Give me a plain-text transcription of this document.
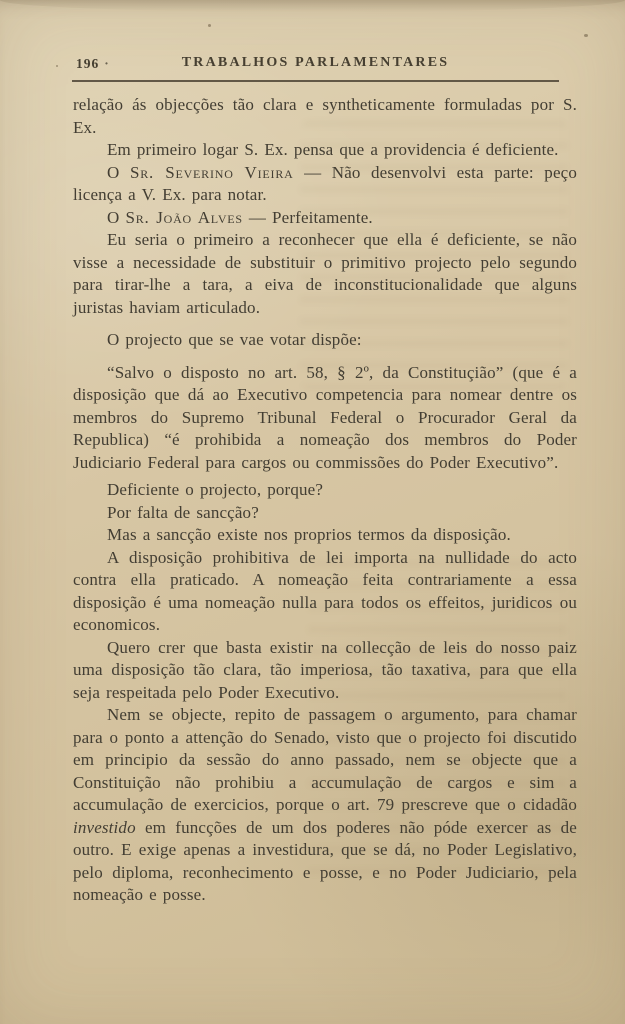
196 ·	TRABALHOS PARLAMENTARES

relação ás objecções tão clara e syntheticamente formuladas por S. Ex.

Em primeiro logar S. Ex. pensa que a providencia é deficiente.

O Sr. Severino Vieira — Não desenvolvi esta parte: peço licença a V. Ex. para notar.

O Sr. João Alves — Perfeitamente.

Eu seria o primeiro a reconhecer que ella é deficiente, se não visse a necessidade de substituir o primitivo projecto pelo segundo para tirar-lhe a tara, a eiva de inconstitucionalidade que alguns juristas haviam articulado.

O projecto que se vae votar dispõe:

“Salvo o disposto no art. 58, § 2º, da Constituçião” (que é a disposição que dá ao Executivo competencia para nomear dentre os membros do Supremo Tribunal Federal o Procurador Geral da Republica) “é prohibida a nomeação dos membros do Poder Judiciario Federal para cargos ou commissões do Poder Executivo”.

Deficiente o projecto, porque?

Por falta de sancção?

Mas a sancção existe nos proprios termos da disposição.

A disposição prohibitiva de lei importa na nullidade do acto contra ella praticado. A nomeação feita contrariamente a essa disposição é uma nomeação nulla para todos os effeitos, juridicos ou economicos.

Quero crer que basta existir na collecção de leis do nosso paiz uma disposição tão clara, tão imperiosa, tão taxativa, para que ella seja respeitada pelo Poder Executivo.

Nem se objecte, repito de passagem o argumento, para chamar para o ponto a attenção do Senado, visto que o projecto foi discutido em principio da sessão do anno passado, nem se objecte que a Constituição não prohibiu a accumulação de cargos e sim a accumulação de exercicios, porque o art. 79 prescreve que o cidadão investido em funcções de um dos poderes não póde exercer as de outro. E exige apenas a investidura, que se dá, no Poder Legislativo, pelo diploma, reconhecimento e posse, e no Poder Judiciario, pela nomeação e posse.
